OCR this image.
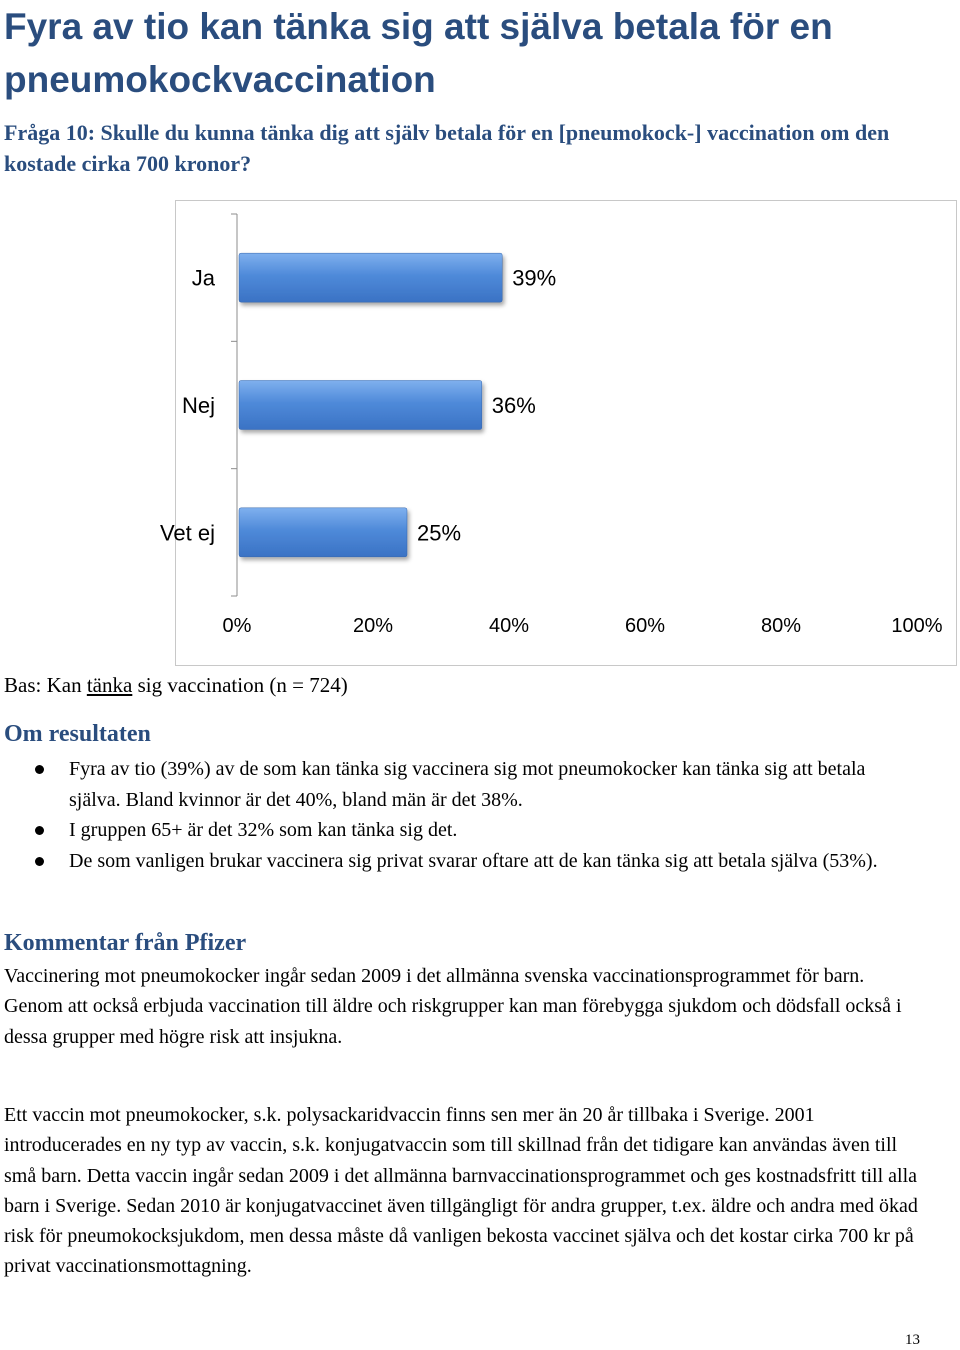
Fyra av tio kan tänka sig att själva betala för en pneumokockvaccination
Fråga 10: Skulle du kunna tänka dig att själv betala för en [pneumokock-] vaccination om den kostade cirka 700 kronor?
Ja	39%
Nej	36%
Vet ej	25%
0%	20%	40%	60%	80%	100%
Bas: Kan tänka sig vaccination (n = 724)
Om resultaten
Fyra av tio (39%) av de som kan tänka sig vaccinera sig mot pneumokocker kan tänka sig att betala själva. Bland kvinnor är det 40%, bland män är det 38%.
I gruppen 65+ är det 32% som kan tänka sig det.
De som vanligen brukar vaccinera sig privat svarar oftare att de kan tänka sig att betala själva (53%).
Kommentar från Pfizer

Vaccinering mot pneumokocker ingår sedan 2009 i det allmänna svenska vaccinationsprogrammet för barn. Genom att också erbjuda vaccination till äldre och riskgrupper kan man förebygga sjukdom och dödsfall också i dessa grupper med högre risk att insjukna.

Ett vaccin mot pneumokocker, s.k. polysackaridvaccin finns sen mer än 20 år tillbaka i Sverige. 2001 introducerades en ny typ av vaccin, s.k. konjugatvaccin som till skillnad från det tidigare kan användas även till små barn. Detta vaccin ingår sedan 2009 i det allmänna barnvaccinationsprogrammet och ges kostnadsfritt till alla barn i Sverige. Sedan 2010 är konjugatvaccinet även tillgängligt för andra grupper, t.ex. äldre och andra med ökad risk för pneumokocksjukdom, men dessa måste då vanligen bekosta vaccinet själva och det kostar cirka 700 kr på privat vaccinationsmottagning.

13
